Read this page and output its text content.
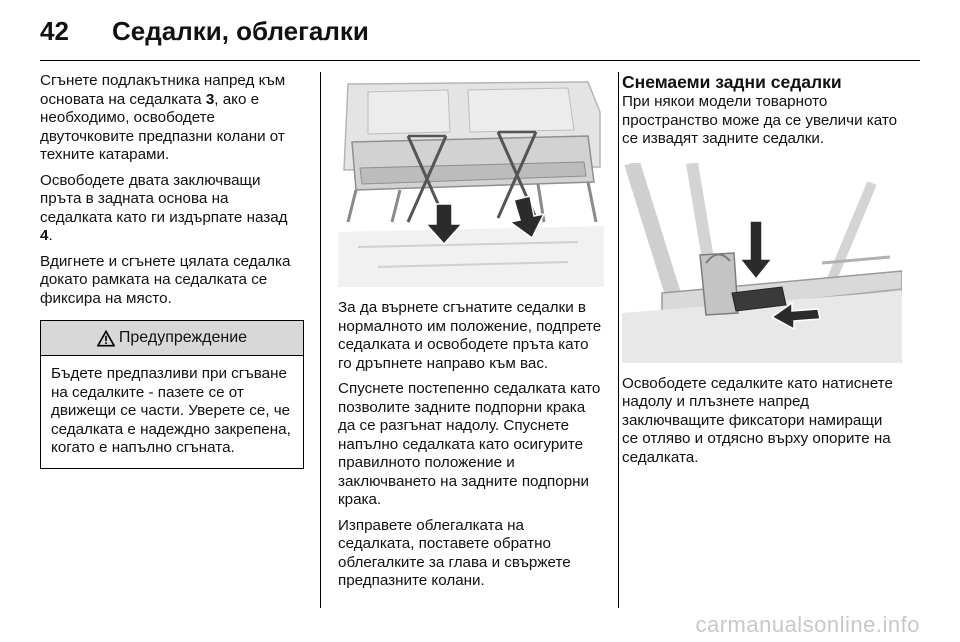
42	Седалки, облегалки

Сгънете подлакътника напред към основата на седалката 3, ако е необходимо, освободете двуточковите предпазни колани от техните катарами.

Освободете двата заключващи пръта в задната основа на седалката като ги издърпате назад 4.

Вдигнете и сгънете цялата седалка докато рамката на седалката се фиксира на място.

Предупреждение
Бъдете предпазливи при сгъване на седалките - пазете се от движещи се части. Уверете се, че седалката е надеждно закрепена, когато е напълно сгъната.

За да върнете сгънатите седалки в нормалното им положение, подпрете седалката и освободете пръта като го дръпнете направо към вас.

Спуснете постепенно седалката като позволите задните подпорни крака да се разгънат надолу. Спуснете напълно седалката като осигурите правилното положение и заключването на задните подпорни крака.

Изправете облегалката на седалката, поставете обратно облегалките за глава и свържете предпазните колани.

Снемаеми задни седалки

При някои модели товарното пространство може да се увеличи като се извадят задните седалки.

Освободете седалките като натиснете надолу и плъзнете напред заключващите фиксатори намиращи се отляво и отдясно върху опорите на седалката.

carmanualsonline.info
